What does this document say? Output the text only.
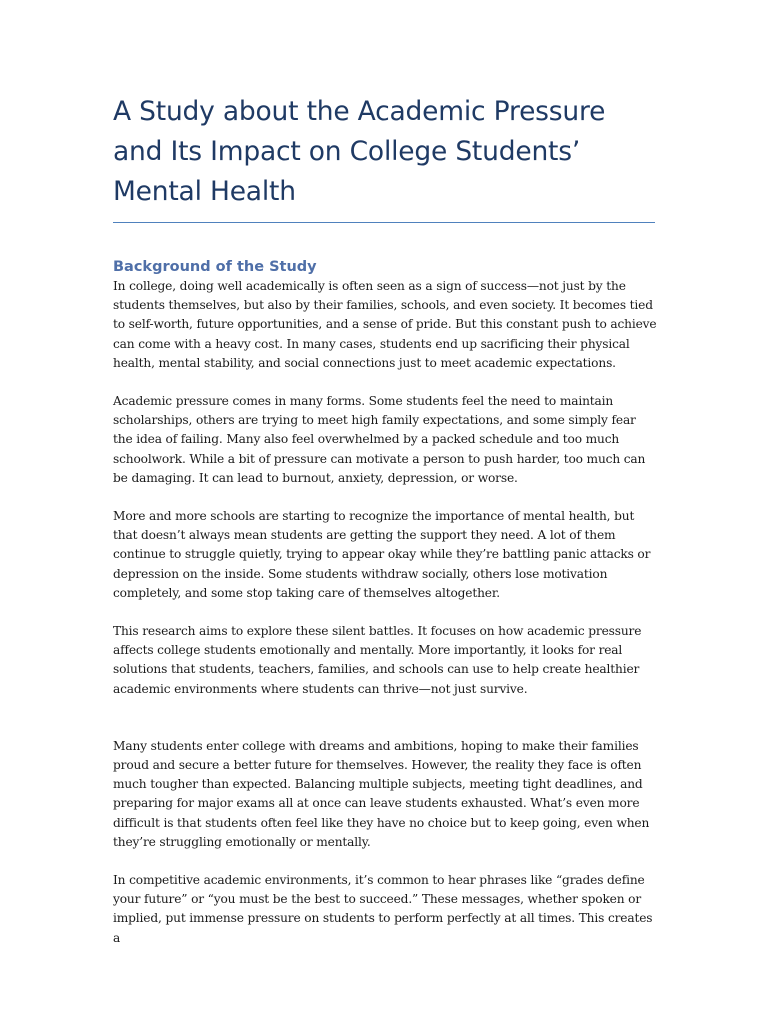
A Study about the Academic Pressure and Its Impact on College Students’ Mental Health
Background of the Study

In college, doing well academically is often seen as a sign of success—not just by the students themselves, but also by their families, schools, and even society. It becomes tied to self-worth, future opportunities, and a sense of pride. But this constant push to achieve can come with a heavy cost. In many cases, students end up sacrificing their physical health, mental stability, and social connections just to meet academic expectations.

Academic pressure comes in many forms. Some students feel the need to maintain scholarships, others are trying to meet high family expectations, and some simply fear the idea of failing. Many also feel overwhelmed by a packed schedule and too much schoolwork. While a bit of pressure can motivate a person to push harder, too much can be damaging. It can lead to burnout, anxiety, depression, or worse.

More and more schools are starting to recognize the importance of mental health, but that doesn’t always mean students are getting the support they need. A lot of them continue to struggle quietly, trying to appear okay while they’re battling panic attacks or depression on the inside. Some students withdraw socially, others lose motivation completely, and some stop taking care of themselves altogether.

This research aims to explore these silent battles. It focuses on how academic pressure affects college students emotionally and mentally. More importantly, it looks for real solutions that students, teachers, families, and schools can use to help create healthier academic environments where students can thrive—not just survive.

Many students enter college with dreams and ambitions, hoping to make their families proud and secure a better future for themselves. However, the reality they face is often much tougher than expected. Balancing multiple subjects, meeting tight deadlines, and preparing for major exams all at once can leave students exhausted. What’s even more difficult is that students often feel like they have no choice but to keep going, even when they’re struggling emotionally or mentally.

In competitive academic environments, it’s common to hear phrases like “grades define your future” or “you must be the best to succeed.” These messages, whether spoken or implied, put immense pressure on students to perform perfectly at all times. This creates a
